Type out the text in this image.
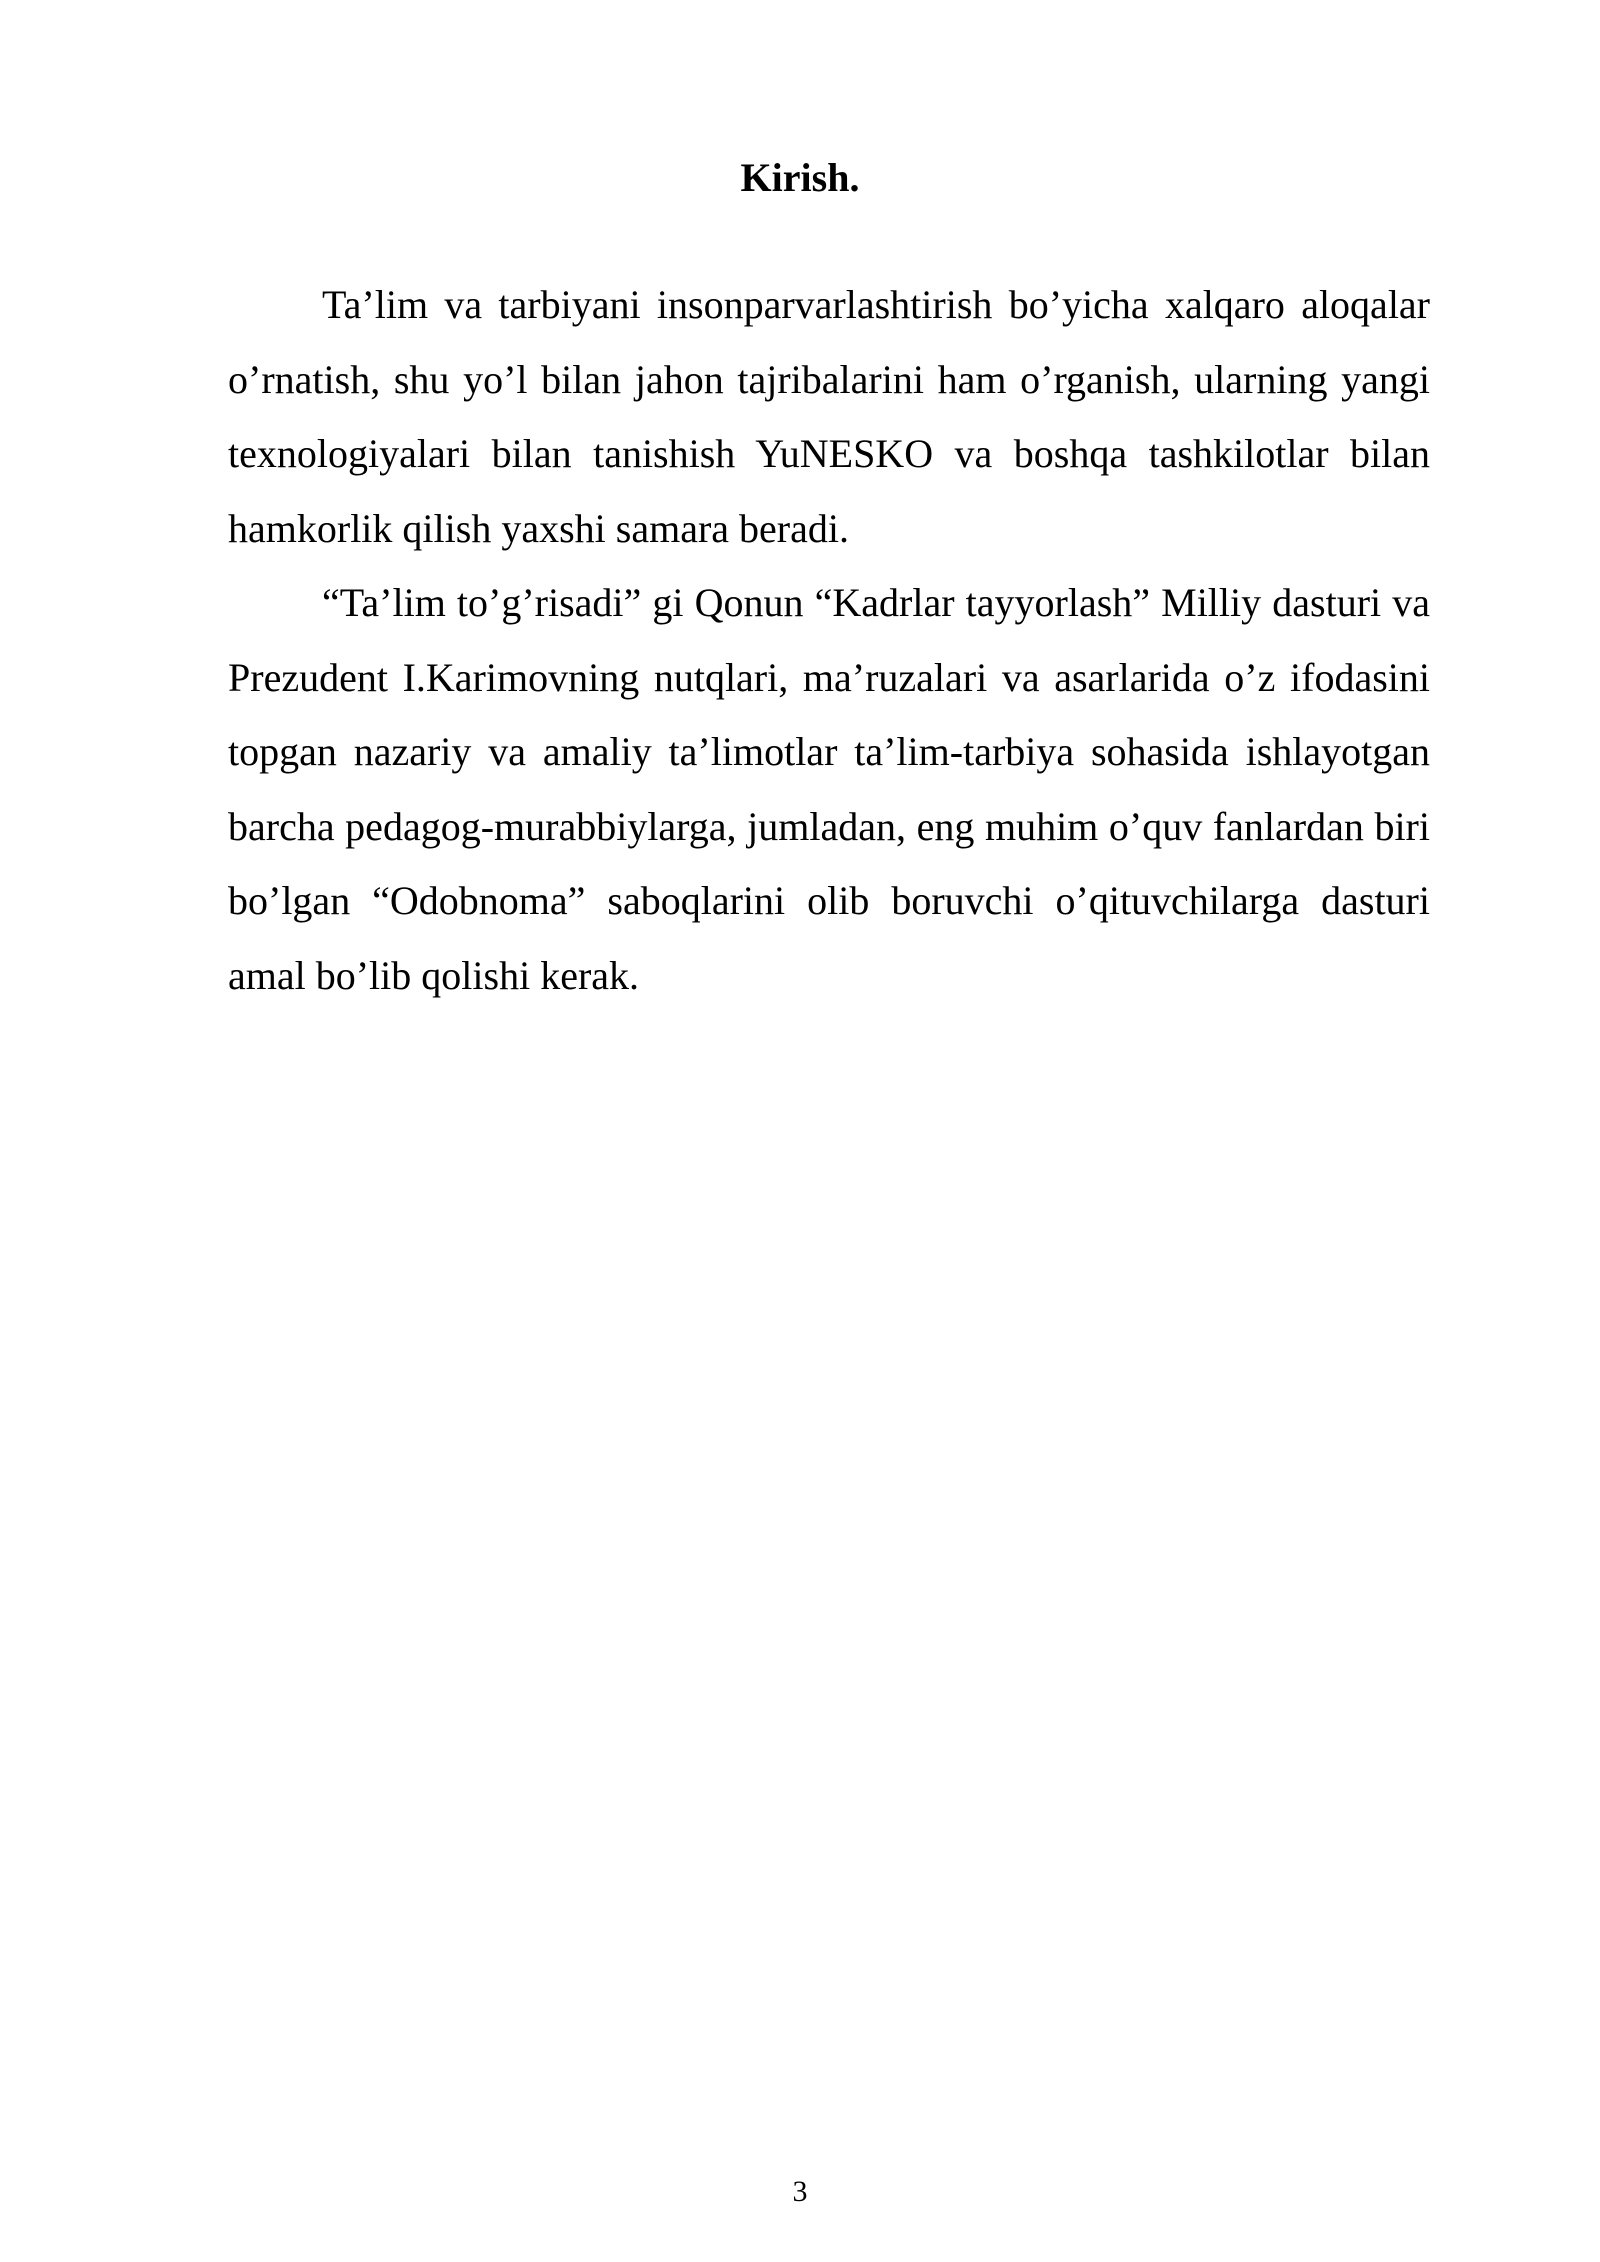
Kirish.

Ta’lim va tarbiyani insonparvarlashtirish bo’yicha xalqaro aloqalar o’rnatish, shu yo’l bilan jahon tajribalarini ham o’rganish, ularning yangi texnologiyalari bilan tanishish YuNESKO va boshqa tashkilotlar bilan hamkorlik qilish yaxshi samara beradi.

“Ta’lim to’g’risadi” gi Qonun “Kadrlar tayyorlash” Milliy dasturi va Prezudent I.Karimovning nutqlari, ma’ruzalari va asarlarida o’z ifodasini topgan nazariy va amaliy ta’limotlar ta’lim-tarbiya sohasida ishlayotgan barcha pedagog-murabbiylarga, jumladan, eng muhim o’quv fanlardan biri bo’lgan “Odobnoma” saboqlarini olib boruvchi o’qituvchilarga dasturi amal bo’lib qolishi kerak.

3
